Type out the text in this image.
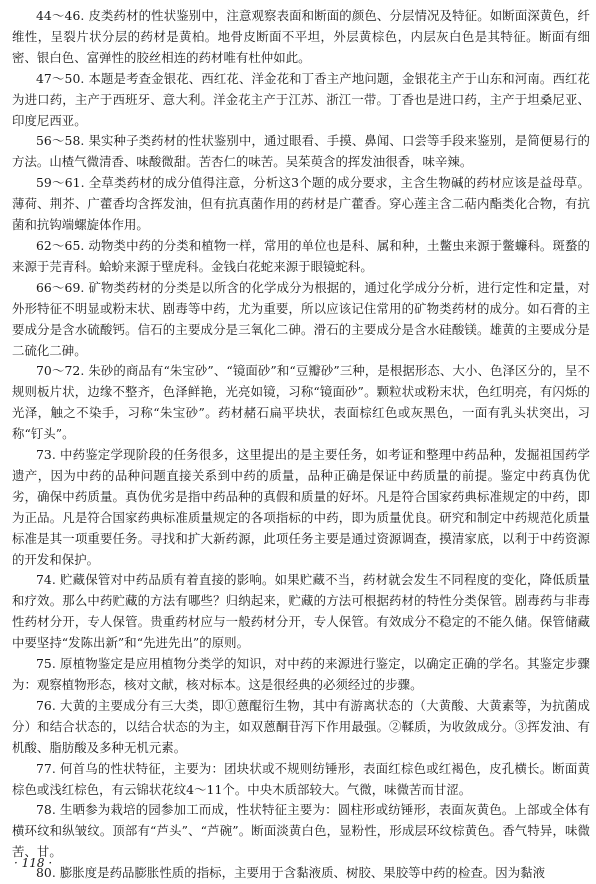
44～46. 皮类药材的性状鉴别中，注意观察表面和断面的颜色、分层情况及特征。如断面深黄色，纤维性，呈裂片状分层的药材是黄柏。地骨皮断面不平坦，外层黄棕色，内层灰白色是其特征。断面有细密、银白色、富弹性的胶丝相连的药材唯有杜仲如此。

47～50. 本题是考查金银花、西红花、洋金花和丁香主产地问题，金银花主产于山东和河南。西红花为进口药，主产于西班牙、意大利。洋金花主产于江苏、浙江一带。丁香也是进口药，主产于坦桑尼亚、印度尼西亚。

56～58. 果实种子类药材的性状鉴别中，通过眼看、手摸、鼻闻、口尝等手段来鉴别，是简便易行的方法。山楂气微清香、味酸微甜。苦杏仁的味苦。吴茱萸含的挥发油很香，味辛辣。

59～61. 全草类药材的成分值得注意，分析这3个题的成分要求，主含生物碱的药材应该是益母草。薄荷、荆芥、广藿香均含挥发油，但有抗真菌作用的药材是广藿香。穿心莲主含二萜内酯类化合物，有抗菌和抗钩端螺旋体作用。

62～65. 动物类中药的分类和植物一样，常用的单位也是科、属和种，土鳖虫来源于鳖蠊科。斑蝥的来源于芫青科。蛤蚧来源于壁虎科。金钱白花蛇来源于眼镜蛇科。

66～69. 矿物类药材的分类是以所含的化学成分为根据的，通过化学成分分析，进行定性和定量，对外形特征不明显或粉末状、剧毒等中药，尤为重要，所以应该记住常用的矿物类药材的成分。如石膏的主要成分是含水硫酸钙。信石的主要成分是三氧化二砷。滑石的主要成分是含水硅酸镁。雄黄的主要成分是二硫化二砷。

70～72. 朱砂的商品有“朱宝砂”、“镜面砂”和“豆瓣砂”三种，是根据形态、大小、色泽区分的，呈不规则板片状，边缘不整齐，色泽鲜艳，光亮如镜，习称“镜面砂”。颗粒状或粉末状，色红明亮，有闪烁的光泽，触之不染手，习称“朱宝砂”。药材赭石扁平块状，表面棕红色或灰黑色，一面有乳头状突出，习称“钉头”。

73. 中药鉴定学现阶段的任务很多，这里提出的是主要任务，如考证和整理中药品种，发掘祖国药学遗产，因为中药的品种问题直接关系到中药的质量，品种正确是保证中药质量的前提。鉴定中药真伪优劣，确保中药质量。真伪优劣是指中药品种的真假和质量的好坏。凡是符合国家药典标准规定的中药，即为正品。凡是符合国家药典标准质量规定的各项指标的中药，即为质量优良。研究和制定中药规范化质量标准是其一项重要任务。寻找和扩大新药源，此项任务主要是通过资源调查，摸清家底，以利于中药资源的开发和保护。

74. 贮藏保管对中药品质有着直接的影响。如果贮藏不当，药材就会发生不同程度的变化，降低质量和疗效。那么中药贮藏的方法有哪些？归纳起来，贮藏的方法可根据药材的特性分类保管。剧毒药与非毒性药材分开，专人保管。贵重药材应与一般药材分开，专人保管。有效成分不稳定的不能久储。保管储藏中要坚持“发陈出新”和“先进先出”的原则。

75. 原植物鉴定是应用植物分类学的知识，对中药的来源进行鉴定，以确定正确的学名。其鉴定步骤为：观察植物形态，核对文献，核对标本。这是很经典的必须经过的步骤。

76. 大黄的主要成分有三大类，即①蒽醌衍生物，其中有游离状态的（大黄酸、大黄素等，为抗菌成分）和结合状态的，以结合状态的为主，如双蒽酮苷泻下作用最强。②鞣质，为收敛成分。③挥发油、有机酸、脂肪酸及多种无机元素。

77. 何首乌的性状特征，主要为：团块状或不规则纺锤形，表面红棕色或红褐色，皮孔横长。断面黄棕色或浅红棕色，有云锦状花纹4～11个。中央木质部较大。气微，味微苦而甘涩。

78. 生晒参为栽培的园参加工而成，性状特征主要为：圆柱形或纺锤形，表面灰黄色。上部或全体有横环纹和纵皱纹。顶部有“芦头”、“芦碗”。断面淡黄白色，显粉性，形成层环纹棕黄色。香气特异，味微苦、甘。

80. 膨胀度是药品膨胀性质的指标，主要用于含黏液质、树胶、果胶等中药的检查。因为黏液

· 118 ·
